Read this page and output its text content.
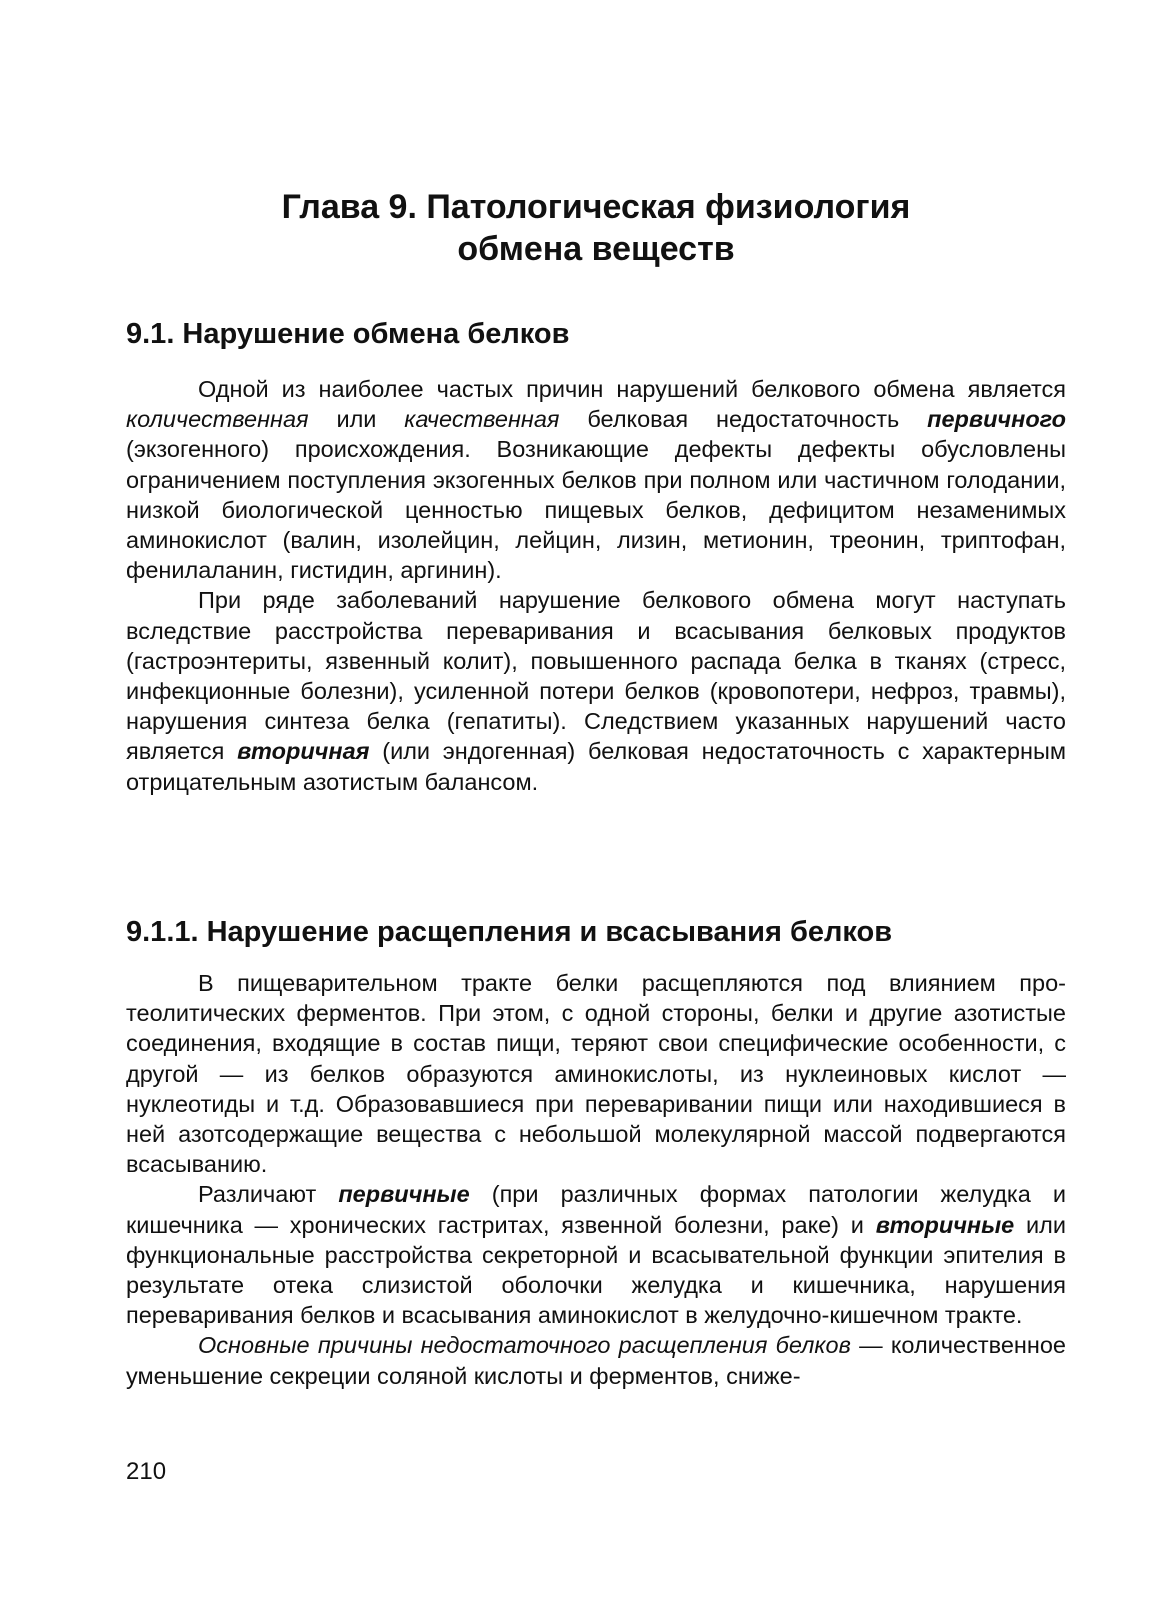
Глава 9. Патологическая физиология
обмена веществ
9.1. Нарушение обмена белков

Одной из наиболее частых причин нарушений белкового обмена является количественная или качественная белковая недостаточность первичного (экзогенного) происхождения. Возникающие дефекты дефекты обусловлены ограничением поступления экзогенных белков при полном или частичном голодании, низкой биологической ценностью пищевых белков, дефицитом незаменимых аминокислот (валин, изолейцин, лейцин, лизин, метионин, треонин, триптофан, фенилаланин, гистидин, аргинин).

При ряде заболеваний нарушение белкового обмена могут наступать вследствие расстройства переваривания и всасывания белковых продуктов (гастроэнтериты, язвенный колит), повышенного распада белка в тканях (стресс, инфекционные болезни), усиленной потери белков (кровопотери, нефроз, травмы), нарушения синтеза белка (гепатиты). Следствием указанных нарушений часто является вторичная (или эндогенная) белковая недостаточность с характерным отрицательным азотистым балансом.

9.1.1. Нарушение расщепления и всасывания белков

В пищеварительном тракте белки расщепляются под влиянием протеолитических ферментов. При этом, с одной стороны, белки и другие азотистые соединения, входящие в состав пищи, теряют свои специфические особенности, с другой — из белков образуются аминокислоты, из нуклеиновых кислот — нуклеотиды и т.д. Образовавшиеся при переваривании пищи или находившиеся в ней азотсодержащие вещества с небольшой молекулярной массой подвергаются всасыванию.

Различают первичные (при различных формах патологии желудка и кишечника — хронических гастритах, язвенной болезни, раке) и вторичные или функциональные расстройства секреторной и всасывательной функции эпителия в результате отека слизистой оболочки желудка и кишечника, нарушения переваривания белков и всасывания аминокислот в желудочно-кишечном тракте.

Основные причины недостаточного расщепления белков — количественное уменьшение секреции соляной кислоты и ферментов, сниже-

210
